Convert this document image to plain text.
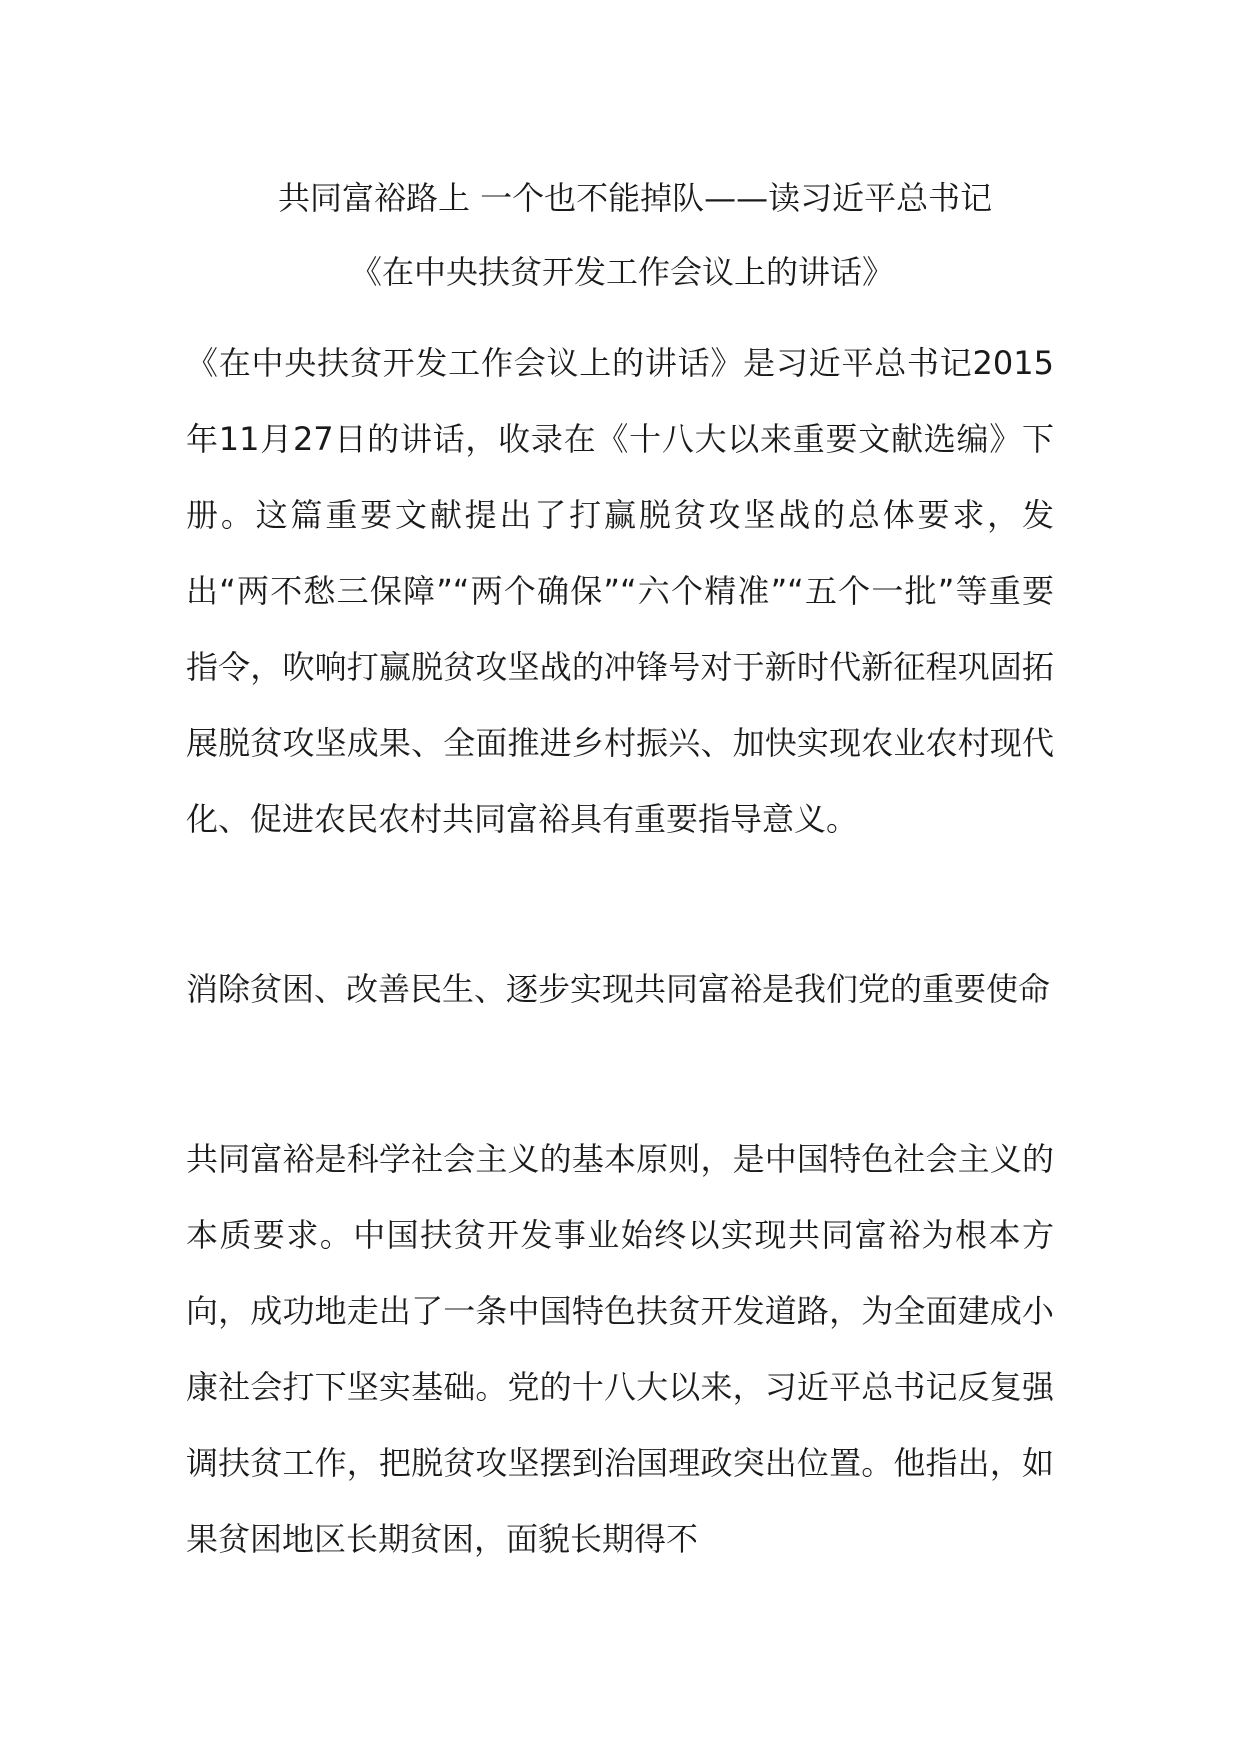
共同富裕路上 一个也不能掉队——读习近平总书记
《在中央扶贫开发工作会议上的讲话》
《在中央扶贫开发工作会议上的讲话》是习近平总书记2015年11月27日的讲话，收录在《十八大以来重要文献选编》下册。这篇重要文献提出了打赢脱贫攻坚战的总体要求，发出“两不愁三保障”“两个确保”“六个精准”“五个一批”等重要指令，吹响打赢脱贫攻坚战的冲锋号对于新时代新征程巩固拓展脱贫攻坚成果、全面推进乡村振兴、加快实现农业农村现代化、促进农民农村共同富裕具有重要指导意义。
消除贫困、改善民生、逐步实现共同富裕是我们党的重要使命
共同富裕是科学社会主义的基本原则，是中国特色社会主义的本质要求。中国扶贫开发事业始终以实现共同富裕为根本方向，成功地走出了一条中国特色扶贫开发道路，为全面建成小康社会打下坚实基础。党的十八大以来，习近平总书记反复强调扶贫工作，把脱贫攻坚摆到治国理政突出位置。他指出，如果贫困地区长期贫困，面貌长期得不
